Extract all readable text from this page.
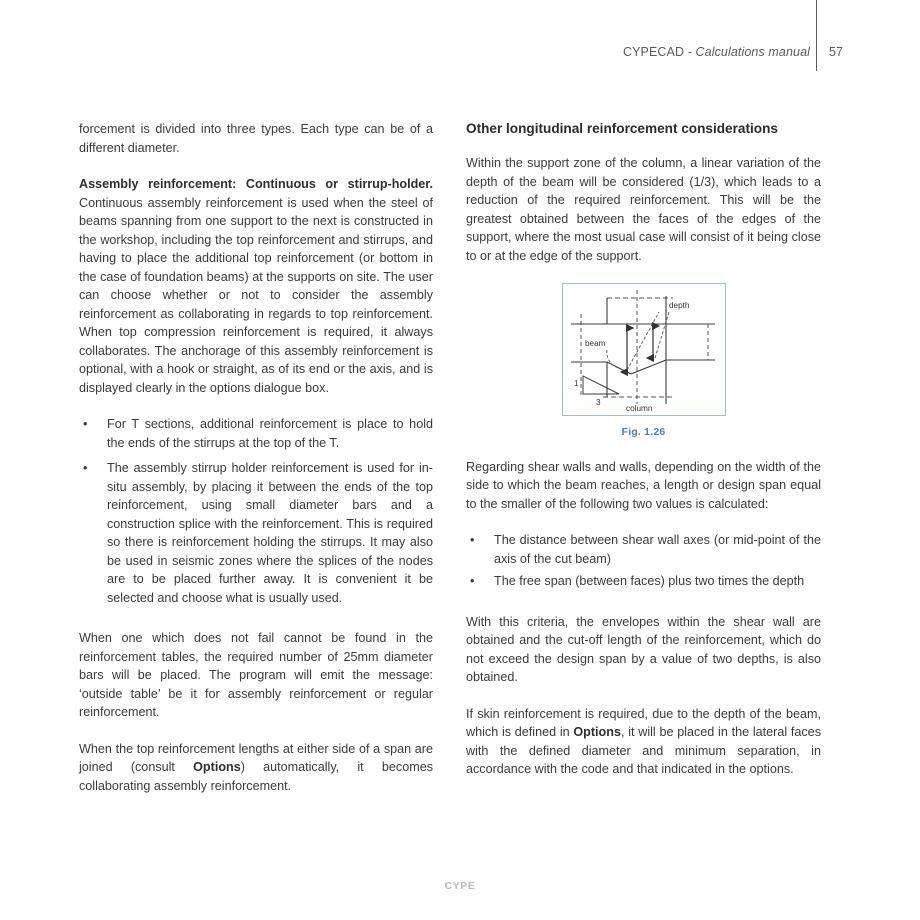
CYPECAD - Calculations manual 57

forcement is divided into three types. Each type can be of a different diameter.

Assembly reinforcement: Continuous or stirrup-holder. Continuous assembly reinforcement is used when the steel of beams spanning from one support to the next is constructed in the workshop, including the top reinforcement and stirrups, and having to place the additional top reinforcement (or bottom in the case of foundation beams) at the supports on site. The user can choose whether or not to consider the assembly reinforcement as collaborating in regards to top reinforcement. When top compression reinforcement is required, it always collaborates. The anchorage of this assembly reinforcement is optional, with a hook or straight, as of its end or the axis, and is displayed clearly in the options dialogue box.

• For T sections, additional reinforcement is place to hold the ends of the stirrups at the top of the T.
• The assembly stirrup holder reinforcement is used for in-situ assembly, by placing it between the ends of the top reinforcement, using small diameter bars and a construction splice with the reinforcement. This is required so there is reinforcement holding the stirrups. It may also be used in seismic zones where the splices of the nodes are to be placed further away. It is convenient it be selected and choose what is usually used.

When one which does not fail cannot be found in the reinforcement tables, the required number of 25mm diameter bars will be placed. The program will emit the message: ‘outside table’ be it for assembly reinforcement or regular reinforcement.

When the top reinforcement lengths at either side of a span are joined (consult Options) automatically, it becomes collaborating assembly reinforcement.

Other longitudinal reinforcement considerations

Within the support zone of the column, a linear variation of the depth of the beam will be considered (1/3), which leads to a reduction of the required reinforcement. This will be the greatest obtained between the faces of the edges of the support, where the most usual case will consist of it being close to or at the edge of the support.

depth
beam
column
1
3
Fig. 1.26

Regarding shear walls and walls, depending on the width of the side to which the beam reaches, a length or design span equal to the smaller of the following two values is calculated:

• The distance between shear wall axes (or mid-point of the axis of the cut beam)
• The free span (between faces) plus two times the depth

With this criteria, the envelopes within the shear wall are obtained and the cut-off length of the reinforcement, which do not exceed the design span by a value of two depths, is also obtained.

If skin reinforcement is required, due to the depth of the beam, which is defined in Options, it will be placed in the lateral faces with the defined diameter and minimum separation, in accordance with the code and that indicated in the options.

CYPE
